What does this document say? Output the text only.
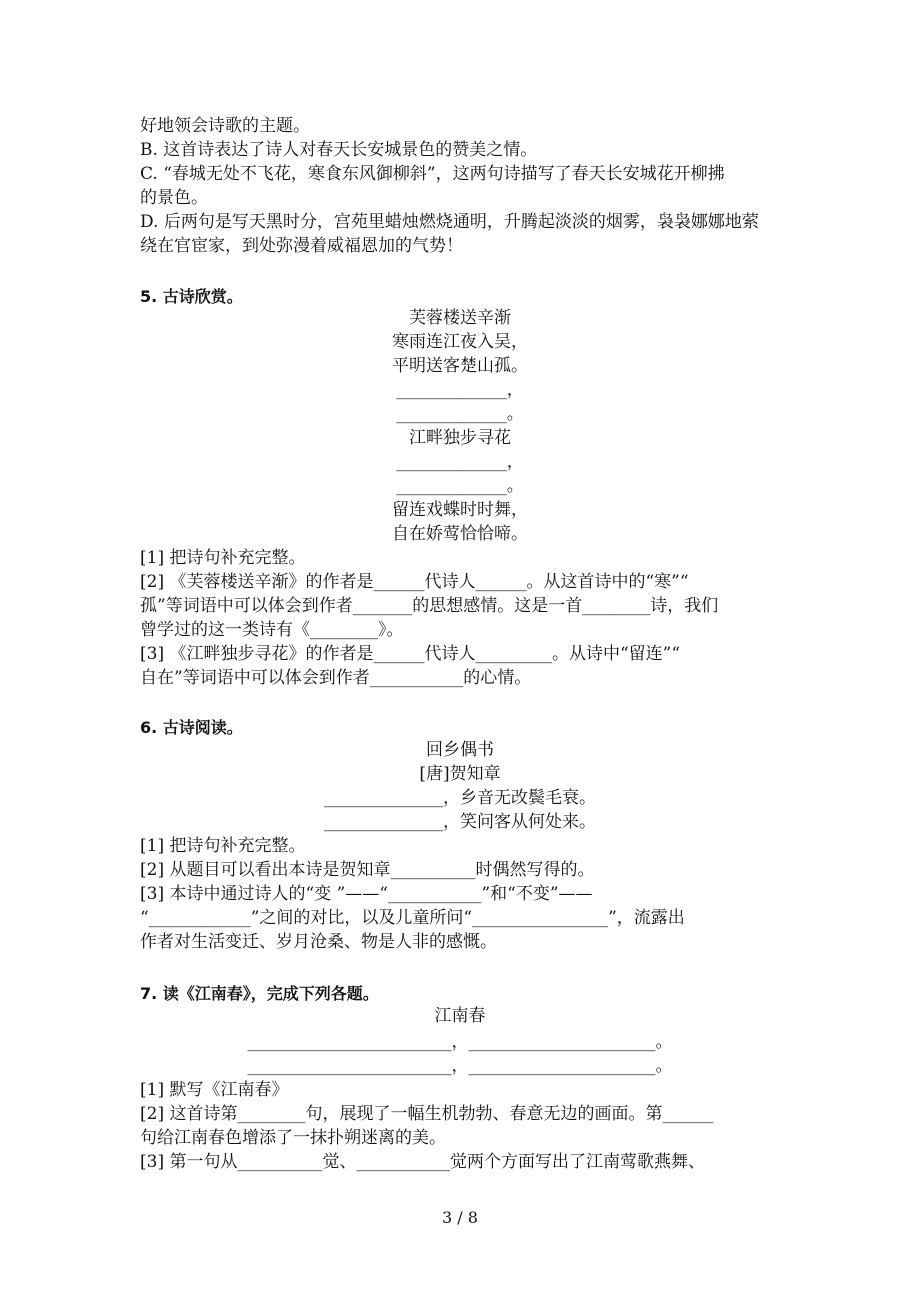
好地领会诗歌的主题。
B. 这首诗表达了诗人对春天长安城景色的赞美之情。
C. “春城无处不飞花，寒食东风御柳斜”，这两句诗描写了春天长安城花开柳拂
的景色。
D. 后两句是写天黑时分，宫苑里蜡烛燃烧通明，升腾起淡淡的烟雾，袅袅娜娜地萦
绕在官宦家，到处弥漫着威福恩加的气势！
5. 古诗欣赏。
芙蓉楼送辛渐
寒雨连江夜入吴，
平明送客楚山孤。
_____________，
_____________。
江畔独步寻花
_____________，
_____________。
留连戏蝶时时舞，
自在娇莺恰恰啼。
[1] 把诗句补充完整。
[2] 《芙蓉楼送辛渐》的作者是______代诗人______。从这首诗中的“寒”“
孤”等词语中可以体会到作者_______的思想感情。这是一首________诗，我们
曾学过的这一类诗有《________》。
[3] 《江畔独步寻花》的作者是______代诗人_________。从诗中“留连”“
自在”等词语中可以体会到作者___________的心情。
6. 古诗阅读。
回乡偶书
[唐]贺知章
______________，乡音无改鬓毛衰。
______________，笑问客从何处来。
[1] 把诗句补充完整。
[2] 从题目可以看出本诗是贺知章__________时偶然写得的。
[3] 本诗中通过诗人的“变 ”——“___________”和“不变”——
“____________”之间的对比，以及儿童所问“________________”，流露出
作者对生活变迁、岁月沧桑、物是人非的感慨。
7. 读《江南春》，完成下列各题。
江南春
________________________，______________________。
________________________，______________________。
[1] 默写《江南春》
[2] 这首诗第________句，展现了一幅生机勃勃、春意无边的画面。第______
句给江南春色增添了一抹扑朔迷离的美。
[3] 第一句从__________觉、___________觉两个方面写出了江南莺歌燕舞、
3 / 8
